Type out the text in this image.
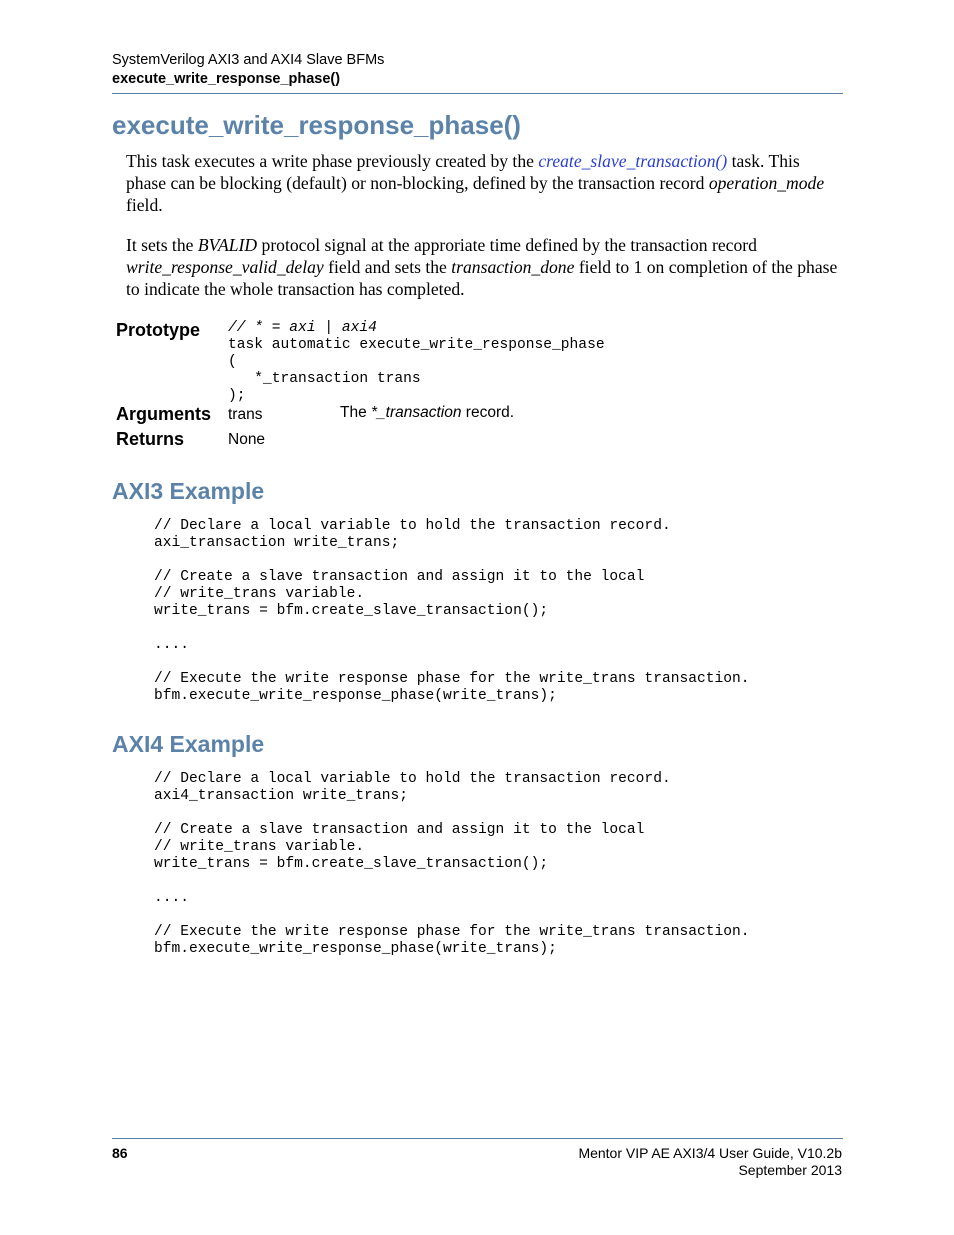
SystemVerilog AXI3 and AXI4 Slave BFMs
execute_write_response_phase()
execute_write_response_phase()
This task executes a write phase previously created by the create_slave_transaction() task. This phase can be blocking (default) or non-blocking, defined by the transaction record operation_mode field.
It sets the BVALID protocol signal at the approriate time defined by the transaction record write_response_valid_delay field and sets the transaction_done field to 1 on completion of the phase to indicate the whole transaction has completed.
Prototype // * = axi | axi4
task automatic execute_write_response_phase
(
*_transaction trans
);
Arguments trans	The *_transaction record.
Returns	None
AXI3 Example
// Declare a local variable to hold the transaction record.
axi_transaction write_trans;

// Create a slave transaction and assign it to the local
// write_trans variable.
write_trans = bfm.create_slave_transaction();

....

// Execute the write response phase for the write_trans transaction.
bfm.execute_write_response_phase(write_trans);
AXI4 Example
// Declare a local variable to hold the transaction record.
axi4_transaction write_trans;

// Create a slave transaction and assign it to the local
// write_trans variable.
write_trans = bfm.create_slave_transaction();

....

// Execute the write response phase for the write_trans transaction.
bfm.execute_write_response_phase(write_trans);
86	Mentor VIP AE AXI3/4 User Guide, V10.2b
September 2013
